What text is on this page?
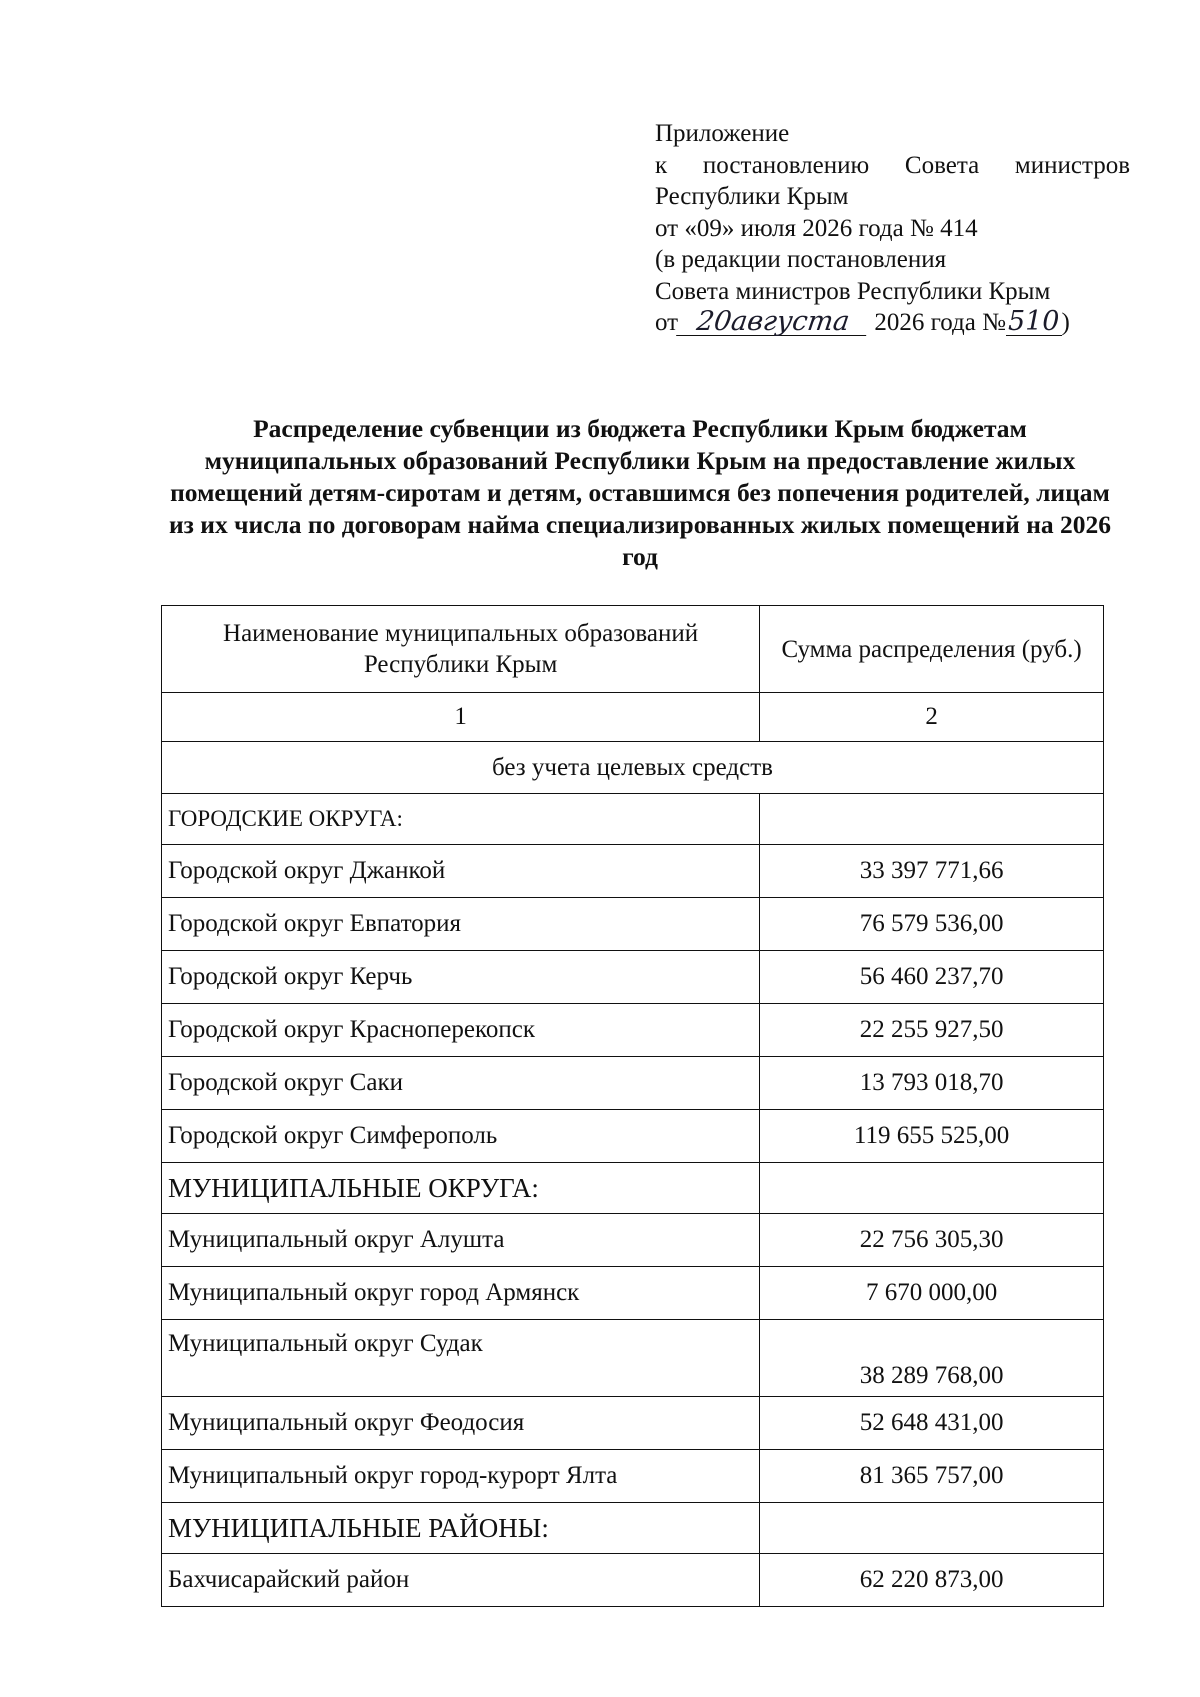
Приложение
к постановлению Совета министров
Республики Крым
от «09» июля 2026 года № 414
(в редакции постановления
Совета министров Республики Крым
от 20августа 2026 года №510)
Распределение субвенции из бюджета Республики Крым бюджетам муниципальных образований Республики Крым на предоставление жилых помещений детям-сиротам и детям, оставшимся без попечения родителей, лицам из их числа по договорам найма специализированных жилых помещений на 2026 год
Наименование муниципальных образований Республики Крым	Сумма распределения (руб.)
1	2
без учета целевых средств	
ГОРОДСКИЕ ОКРУГА:	
Городской округ Джанкой	33 397 771,66
Городской округ Евпатория	76 579 536,00
Городской округ Керчь	56 460 237,70
Городской округ Красноперекопск	22 255 927,50
Городской округ Саки	13 793 018,70
Городской округ Симферополь	119 655 525,00
МУНИЦИПАЛЬНЫЕ ОКРУГА:	
Муниципальный округ Алушта	22 756 305,30
Муниципальный округ город Армянск	7 670 000,00
Муниципальный округ Судак	38 289 768,00
Муниципальный округ Феодосия	52 648 431,00
Муниципальный округ город-курорт Ялта	81 365 757,00
МУНИЦИПАЛЬНЫЕ РАЙОНЫ:	
Бахчисарайский район	62 220 873,00
